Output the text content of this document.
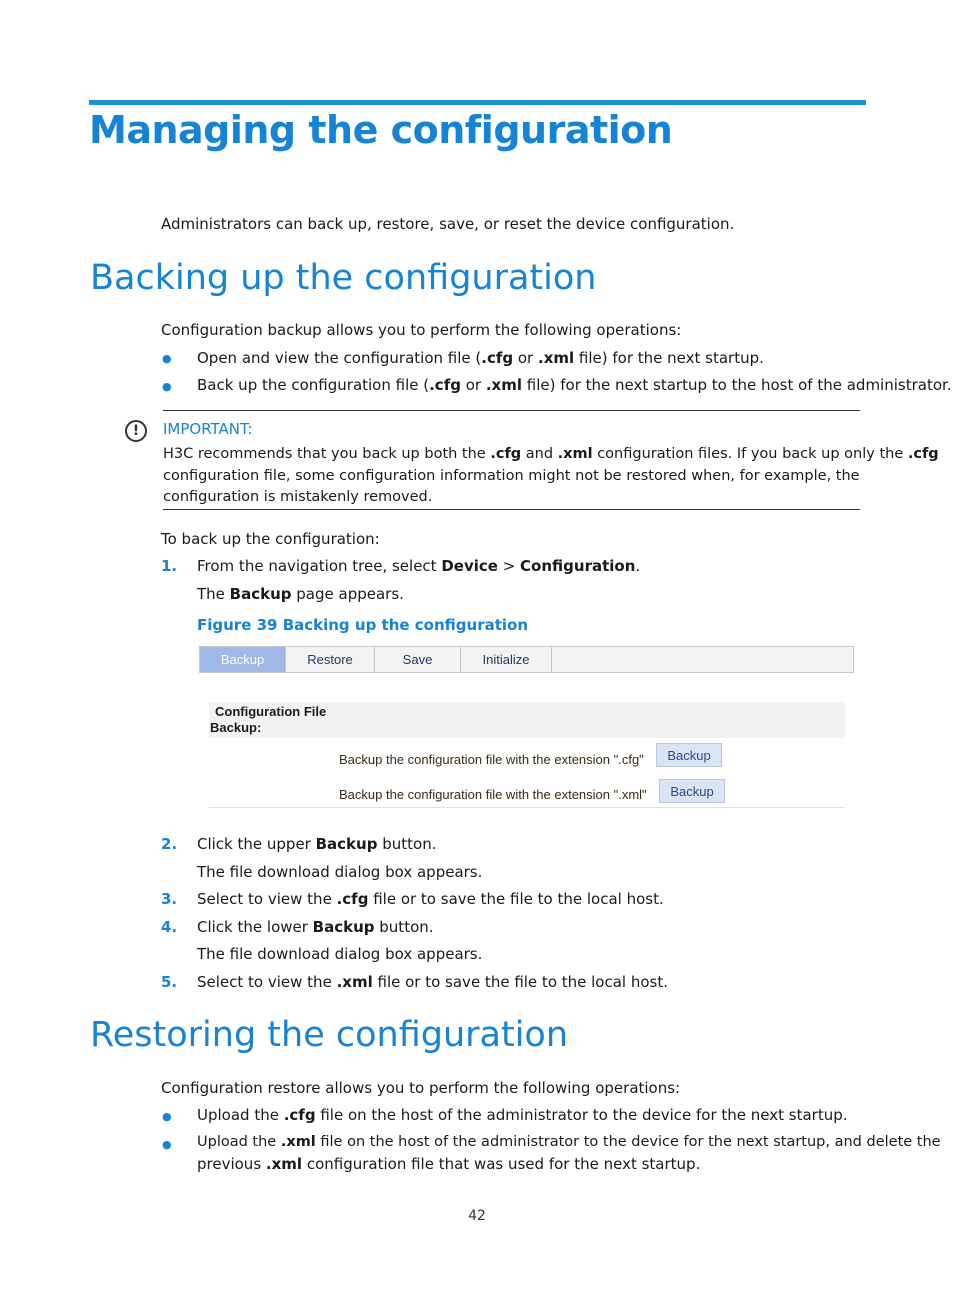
Managing the configuration
Administrators can back up, restore, save, or reset the device configuration.
Backing up the configuration
Configuration backup allows you to perform the following operations:
● Open and view the configuration file (.cfg or .xml file) for the next startup.
● Back up the configuration file (.cfg or .xml file) for the next startup to the host of the administrator.
!	IMPORTANT:
H3C recommends that you back up both the .cfg and .xml configuration files. If you back up only the .cfg
configuration file, some configuration information might not be restored when, for example, the
configuration is mistakenly removed.
To back up the configuration:
1. From the navigation tree, select Device > Configuration.
The Backup page appears.
Figure 39 Backing up the configuration
Backup	Restore	Save	Initialize
Configuration File
Backup:
Backup the configuration file with the extension ".cfg"	Backup
Backup the configuration file with the extension ".xml"	Backup
2. Click the upper Backup button.
The file download dialog box appears.
3. Select to view the .cfg file or to save the file to the local host.
4. Click the lower Backup button.
The file download dialog box appears.
5. Select to view the .xml file or to save the file to the local host.
Restoring the configuration
Configuration restore allows you to perform the following operations:
● Upload the .cfg file on the host of the administrator to the device for the next startup.
● Upload the .xml file on the host of the administrator to the device for the next startup, and delete the
previous .xml configuration file that was used for the next startup.
42
